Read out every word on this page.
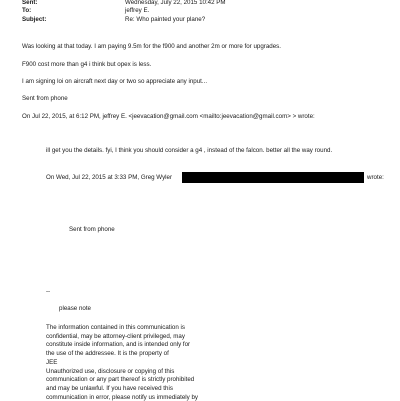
Sent:	Wednesday, July 22, 2015 10:42 PM
To:	jeffrey E.
Subject:	Re: Who painted your plane?
Was looking at that today. I am paying 9.5m for the f900 and another 2m or more for upgrades.
F900 cost more than g4 i think but opex is less.
I am signing loi on aircraft next day or two so appreciate any input...
Sent from phone
On Jul 22, 2015, at 6:12 PM, jeffrey E. <jeevacation@gmail.com <mailto:jeevacation@gmail.com> > wrote:
ill get you the details. fyi, I think you should consider a g4 , instead of the falcon. better all the way round.
On Wed, Jul 22, 2015 at 3:33 PM, Greg Wyler	wrote:
Sent from phone
--
please note
The information contained in this communication is
confidential, may be attorney-client privileged, may
constitute inside information, and is intended only for
the use of the addressee. It is the property of
JEE
Unauthorized use, disclosure or copying of this
communication or any part thereof is strictly prohibited
and may be unlawful. If you have received this
communication in error, please notify us immediately by
